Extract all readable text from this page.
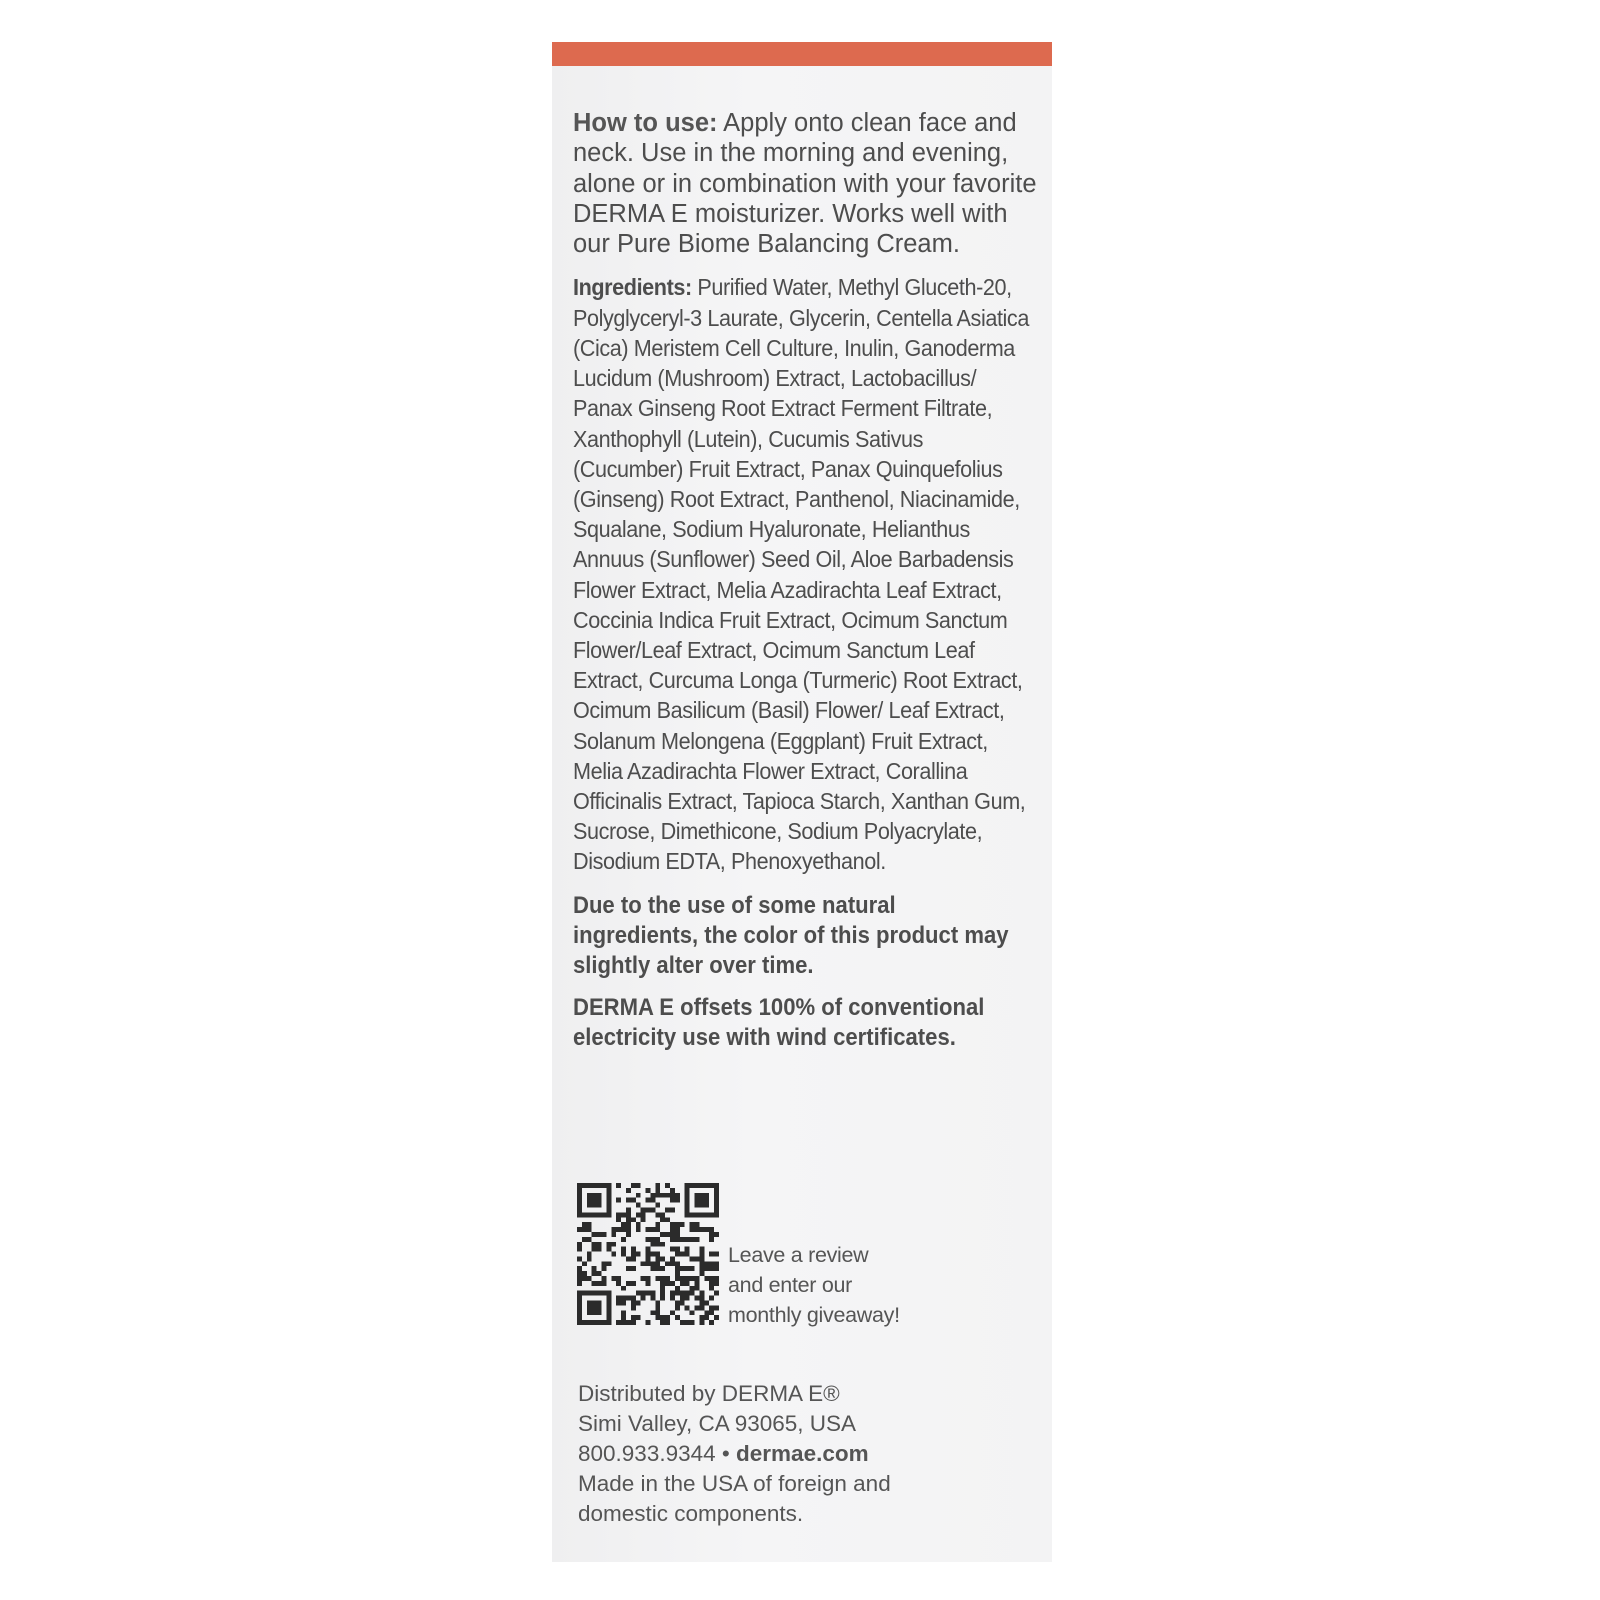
How to use: Apply onto clean face and neck. Use in the morning and evening, alone or in combination with your favorite DERMA E moisturizer. Works well with our Pure Biome Balancing Cream.

Ingredients: Purified Water, Methyl Gluceth-20, Polyglyceryl-3 Laurate, Glycerin, Centella Asiatica (Cica) Meristem Cell Culture, Inulin, Ganoderma Lucidum (Mushroom) Extract, Lactobacillus/ Panax Ginseng Root Extract Ferment Filtrate, Xanthophyll (Lutein), Cucumis Sativus (Cucumber) Fruit Extract, Panax Quinquefolius (Ginseng) Root Extract, Panthenol, Niacinamide, Squalane, Sodium Hyaluronate, Helianthus Annuus (Sunflower) Seed Oil, Aloe Barbadensis Flower Extract, Melia Azadirachta Leaf Extract, Coccinia Indica Fruit Extract, Ocimum Sanctum Flower/Leaf Extract, Ocimum Sanctum Leaf Extract, Curcuma Longa (Turmeric) Root Extract, Ocimum Basilicum (Basil) Flower/ Leaf Extract, Solanum Melongena (Eggplant) Fruit Extract, Melia Azadirachta Flower Extract, Corallina Officinalis Extract, Tapioca Starch, Xanthan Gum, Sucrose, Dimethicone, Sodium Polyacrylate, Disodium EDTA, Phenoxyethanol.

Due to the use of some natural ingredients, the color of this product may slightly alter over time.

DERMA E offsets 100% of conventional electricity use with wind certificates.

Leave a review
and enter our
monthly giveaway!
Distributed by DERMA E®
Simi Valley, CA 93065, USA
800.933.9344 • dermae.com
Made in the USA of foreign and
domestic components.
